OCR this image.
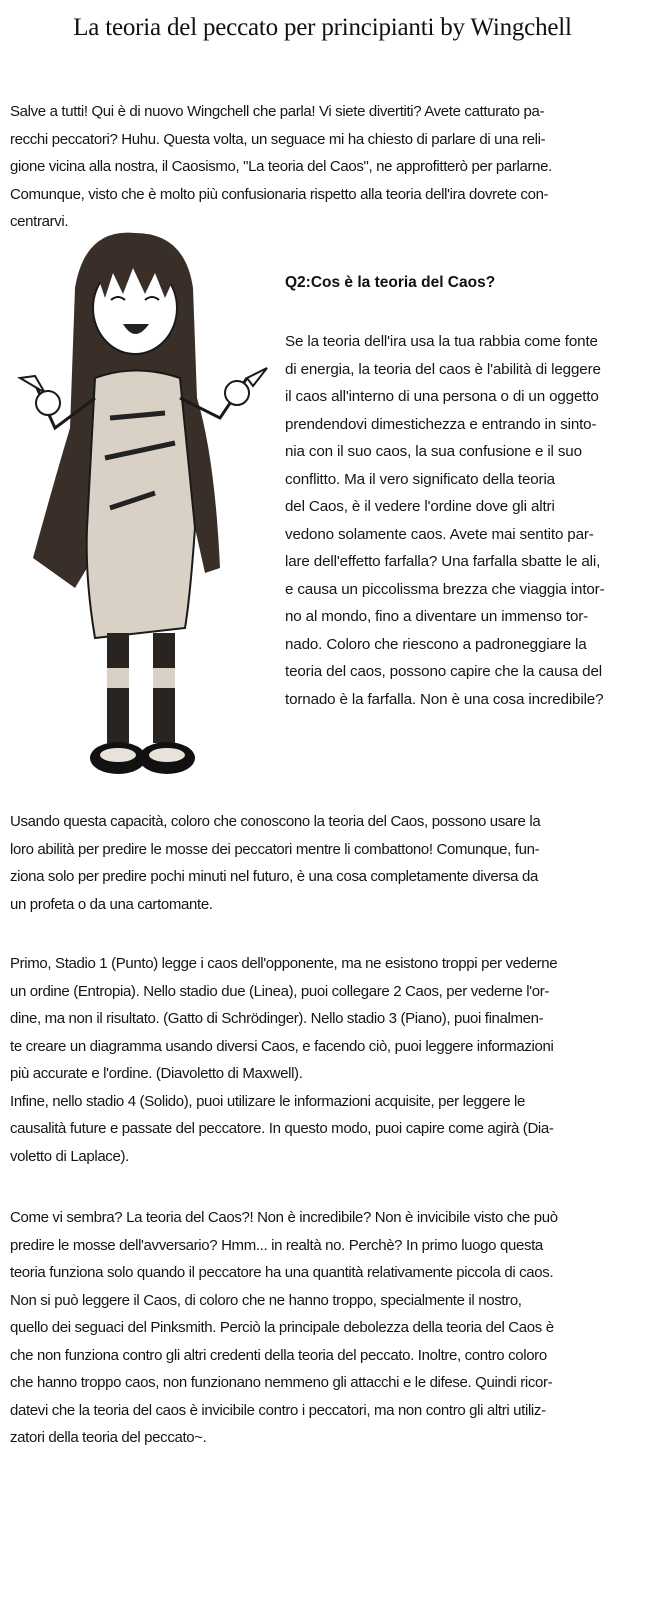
La teoria del peccato per principianti by Wingchell
Salve a tutti! Qui è di nuovo Wingchell che parla! Vi siete divertiti? Avete catturato pa-
recchi peccatori? Huhu. Questa volta, un seguace mi ha chiesto di parlare di una reli-
gione vicina alla nostra, il Caosismo, "La teoria del Caos", ne approfitterò per parlarne.
Comunque, visto che è molto più confusionaria rispetto alla teoria dell'ira dovrete con-
centrarvi.
Q2:Cos è la teoria del Caos?
Se la teoria dell'ira usa la tua rabbia come fonte
di energia, la teoria del caos è l'abilità di leggere
il caos all'interno di una persona o di un oggetto
prendendovi dimestichezza e entrando in sinto-
nia con il suo caos, la sua confusione e il suo
conflitto. Ma il vero significato della teoria
del Caos, è il vedere l'ordine dove gli altri
vedono solamente caos. Avete mai sentito par-
lare dell'effetto farfalla? Una farfalla sbatte le ali,
e causa un piccolissma brezza che viaggia intor-
no al mondo, fino a diventare un immenso tor-
nado. Coloro che riescono a padroneggiare la
teoria del caos, possono capire che la causa del
tornado è la farfalla. Non è una cosa incredibile?
Usando questa capacità, coloro che conoscono la teoria del Caos, possono usare la
loro abilità per predire le mosse dei peccatori mentre li combattono! Comunque, fun-
ziona solo per predire pochi minuti nel futuro, è una cosa completamente diversa da
un profeta o da una cartomante.
Primo, Stadio 1 (Punto) legge i caos dell'opponente, ma ne esistono troppi per vederne
un ordine (Entropia). Nello stadio due (Linea), puoi collegare 2 Caos, per vederne l'or-
dine, ma non il risultato. (Gatto di Schrödinger). Nello stadio 3 (Piano), puoi finalmen-
te creare un diagramma usando diversi Caos, e facendo ciò, puoi leggere informazioni
più accurate e l'ordine. (Diavoletto di Maxwell).
Infine, nello stadio 4 (Solido), puoi utilizare le informazioni acquisite, per leggere le
causalità future e passate del peccatore. In questo modo, puoi capire come agirà (Dia-
voletto di Laplace).
Come vi sembra? La teoria del Caos?! Non è incredibile? Non è invicibile visto che può
predire le mosse dell'avversario? Hmm... in realtà no. Perchè? In primo luogo questa
teoria funziona solo quando il peccatore ha una quantità relativamente piccola di caos.
Non si può leggere il Caos, di coloro che ne hanno troppo, specialmente il nostro,
quello dei seguaci del Pinksmith. Perciò la principale debolezza della teoria del Caos è
che non funziona contro gli altri credenti della teoria del peccato. Inoltre, contro coloro
che hanno troppo caos, non funzionano nemmeno gli attacchi e le difese. Quindi ricor-
datevi che la teoria del caos è invicibile contro i peccatori, ma non contro gli altri utiliz-
zatori della teoria del peccato~.
